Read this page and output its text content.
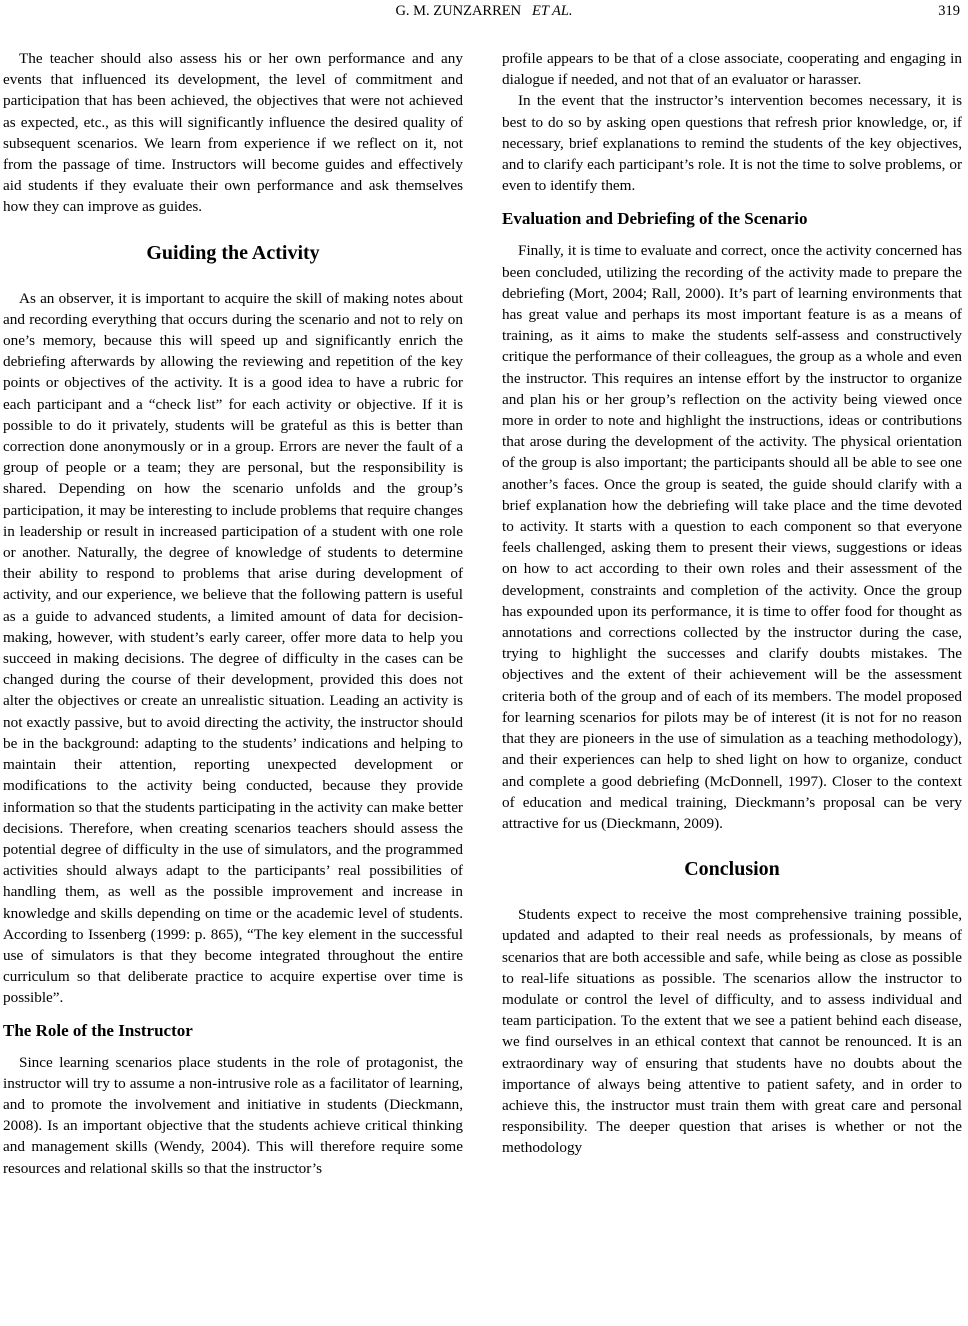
G. M. ZUNZARREN ET AL.	319

The teacher should also assess his or her own performance and any events that influenced its development, the level of commitment and participation that has been achieved, the objectives that were not achieved as expected, etc., as this will significantly influence the desired quality of subsequent scenarios. We learn from experience if we reflect on it, not from the passage of time. Instructors will become guides and effectively aid students if they evaluate their own performance and ask themselves how they can improve as guides.

Guiding the Activity

As an observer, it is important to acquire the skill of making notes about and recording everything that occurs during the scenario and not to rely on one’s memory, because this will speed up and significantly enrich the debriefing afterwards by allowing the reviewing and repetition of the key points or objectives of the activity. It is a good idea to have a rubric for each participant and a “check list” for each activity or objective. If it is possible to do it privately, students will be grateful as this is better than correction done anonymously or in a group. Errors are never the fault of a group of people or a team; they are personal, but the responsibility is shared. Depending on how the scenario unfolds and the group’s participation, it may be interesting to include problems that require changes in leadership or result in increased participation of a student with one role or another. Naturally, the degree of knowledge of students to determine their ability to respond to problems that arise during development of activity, and our experience, we believe that the following pattern is useful as a guide to advanced students, a limited amount of data for decision-making, however, with student’s early career, offer more data to help you succeed in making decisions. The degree of difficulty in the cases can be changed during the course of their development, provided this does not alter the objectives or create an unrealistic situation. Leading an activity is not exactly passive, but to avoid directing the activity, the instructor should be in the background: adapting to the students’ indications and helping to maintain their attention, reporting unexpected development or modifications to the activity being conducted, because they provide information so that the students participating in the activity can make better decisions. Therefore, when creating scenarios teachers should assess the potential degree of difficulty in the use of simulators, and the programmed activities should always adapt to the participants’ real possibilities of handling them, as well as the possible improvement and increase in knowledge and skills depending on time or the academic level of students. According to Issenberg (1999: p. 865), “The key element in the successful use of simulators is that they become integrated throughout the entire curriculum so that deliberate practice to acquire expertise over time is possible”.

The Role of the Instructor

Since learning scenarios place students in the role of protagonist, the instructor will try to assume a non-intrusive role as a facilitator of learning, and to promote the involvement and initiative in students (Dieckmann, 2008). Is an important objective that the students achieve critical thinking and management skills (Wendy, 2004). This will therefore require some resources and relational skills so that the instructor’s

profile appears to be that of a close associate, cooperating and engaging in dialogue if needed, and not that of an evaluator or harasser.

In the event that the instructor’s intervention becomes necessary, it is best to do so by asking open questions that refresh prior knowledge, or, if necessary, brief explanations to remind the students of the key objectives, and to clarify each participant’s role. It is not the time to solve problems, or even to identify them.

Evaluation and Debriefing of the Scenario

Finally, it is time to evaluate and correct, once the activity concerned has been concluded, utilizing the recording of the activity made to prepare the debriefing (Mort, 2004; Rall, 2000). It’s part of learning environments that has great value and perhaps its most important feature is as a means of training, as it aims to make the students self-assess and constructively critique the performance of their colleagues, the group as a whole and even the instructor. This requires an intense effort by the instructor to organize and plan his or her group’s reflection on the activity being viewed once more in order to note and highlight the instructions, ideas or contributions that arose during the development of the activity. The physical orientation of the group is also important; the participants should all be able to see one another’s faces. Once the group is seated, the guide should clarify with a brief explanation how the debriefing will take place and the time devoted to activity. It starts with a question to each component so that everyone feels challenged, asking them to present their views, suggestions or ideas on how to act according to their own roles and their assessment of the development, constraints and completion of the activity. Once the group has expounded upon its performance, it is time to offer food for thought as annotations and corrections collected by the instructor during the case, trying to highlight the successes and clarify doubts mistakes. The objectives and the extent of their achievement will be the assessment criteria both of the group and of each of its members. The model proposed for learning scenarios for pilots may be of interest (it is not for no reason that they are pioneers in the use of simulation as a teaching methodology), and their experiences can help to shed light on how to organize, conduct and complete a good debriefing (McDonnell, 1997). Closer to the context of education and medical training, Dieckmann’s proposal can be very attractive for us (Dieckmann, 2009).

Conclusion

Students expect to receive the most comprehensive training possible, updated and adapted to their real needs as professionals, by means of scenarios that are both accessible and safe, while being as close as possible to real-life situations as possible. The scenarios allow the instructor to modulate or control the level of difficulty, and to assess individual and team participation. To the extent that we see a patient behind each disease, we find ourselves in an ethical context that cannot be renounced. It is an extraordinary way of ensuring that students have no doubts about the importance of always being attentive to patient safety, and in order to achieve this, the instructor must train them with great care and personal responsibility. The deeper question that arises is whether or not the methodology
